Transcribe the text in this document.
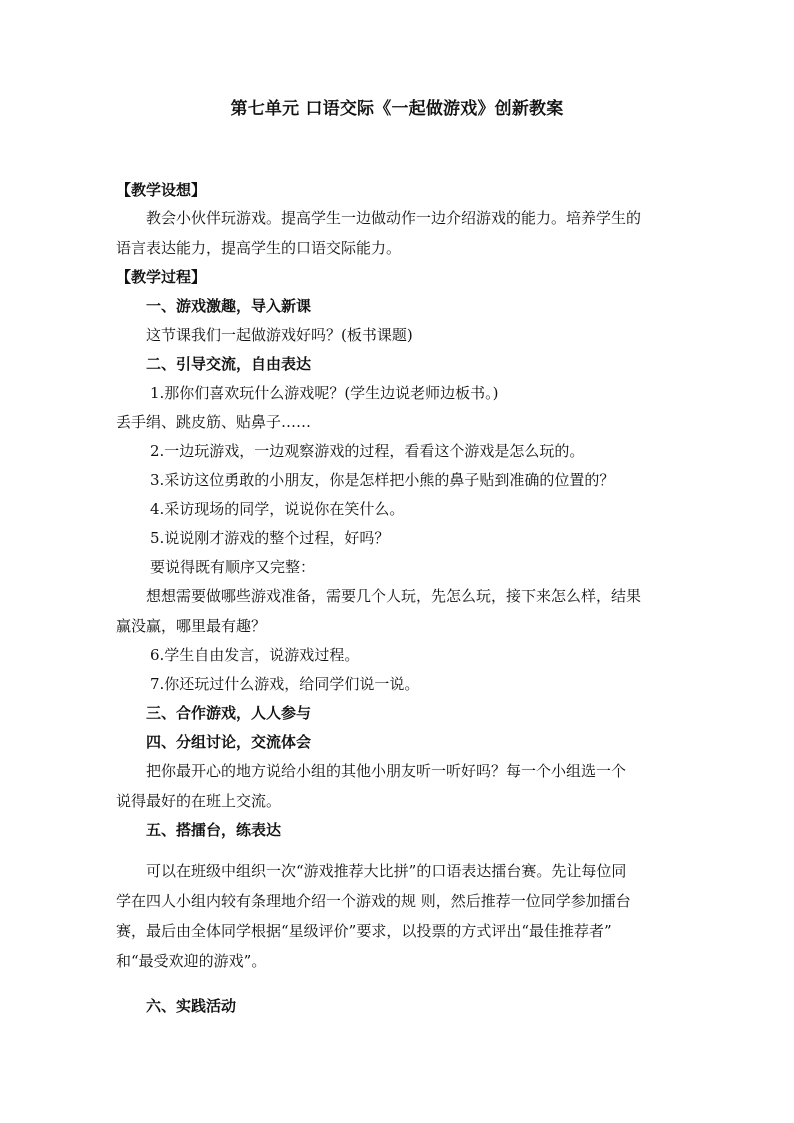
第七单元 口语交际《一起做游戏》创新教案
【教学设想】
教会小伙伴玩游戏。提高学生一边做动作一边介绍游戏的能力。培养学生的
语言表达能力，提高学生的口语交际能力。
【教学过程】
一、游戏激趣，导入新课
这节课我们一起做游戏好吗？(板书课题)
二、引导交流，自由表达
1.那你们喜欢玩什么游戏呢？(学生边说老师边板书。)
丢手绢、跳皮筋、贴鼻子……
2.一边玩游戏，一边观察游戏的过程，看看这个游戏是怎么玩的。
3.采访这位勇敢的小朋友，你是怎样把小熊的鼻子贴到准确的位置的？
4.采访现场的同学，说说你在笑什么。
5.说说刚才游戏的整个过程，好吗？
要说得既有顺序又完整：
想想需要做哪些游戏准备，需要几个人玩，先怎么玩，接下来怎么样，结果
赢没赢，哪里最有趣？
6.学生自由发言，说游戏过程。
7.你还玩过什么游戏，给同学们说一说。
三、合作游戏，人人参与
四、分组讨论，交流体会
把你最开心的地方说给小组的其他小朋友听一听好吗？每一个小组选一个
说得最好的在班上交流。
五、搭擂台，练表达
可以在班级中组织一次“游戏推荐大比拼”的口语表达擂台赛。先让每位同
学在四人小组内较有条理地介绍一个游戏的规 则，然后推荐一位同学参加擂台
赛，最后由全体同学根据“星级评价”要求，以投票的方式评出“最佳推荐者”
和“最受欢迎的游戏”。
六、实践活动
